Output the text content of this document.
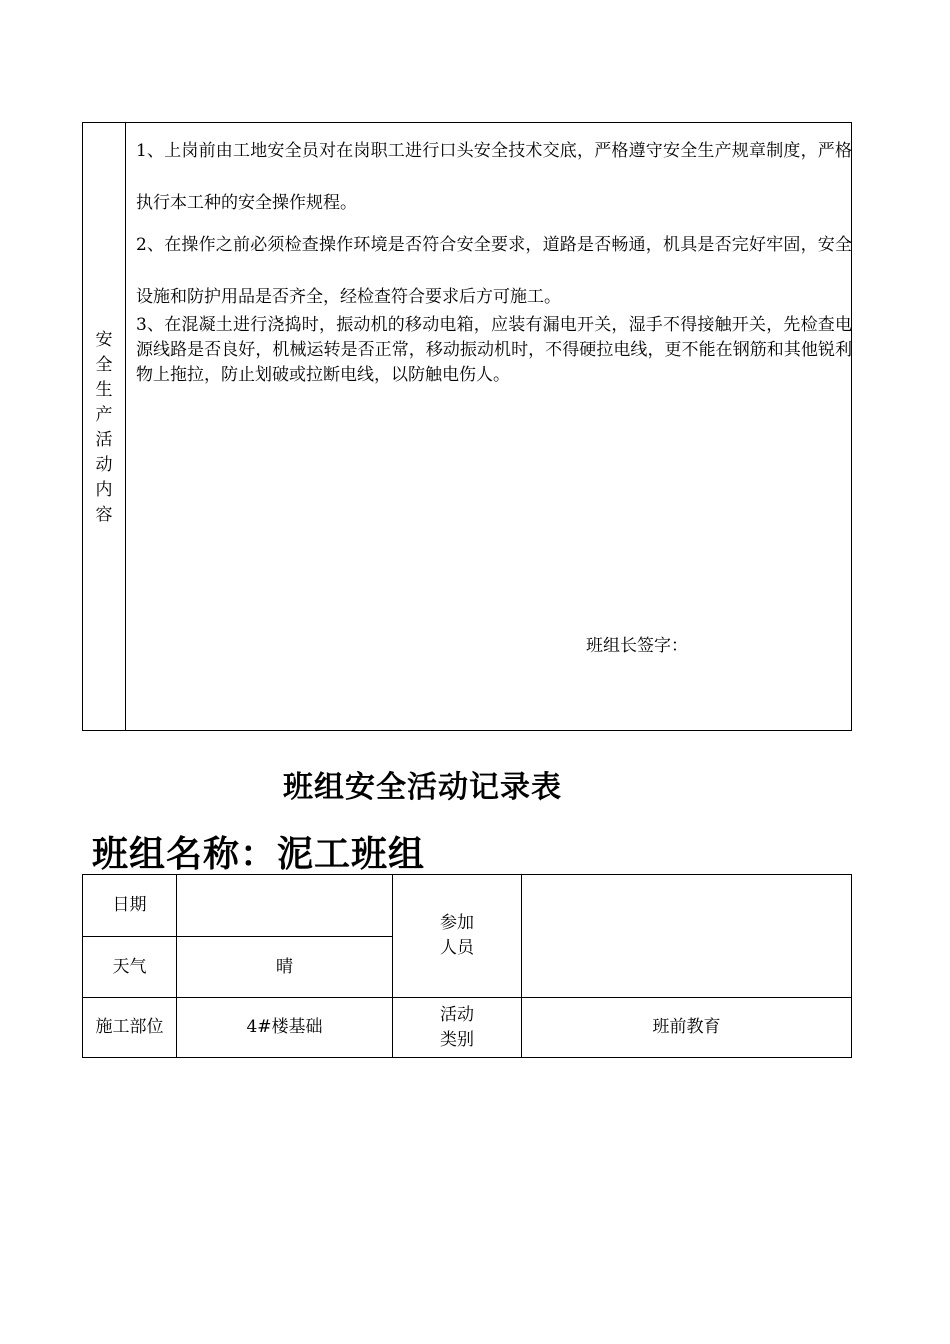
安
全
生
产
活
动
内
容
1、上岗前由工地安全员对在岗职工进行口头安全技术交底，严格遵守安全生产规章制度，严格执行本工种的安全操作规程。
2、在操作之前必须检查操作环境是否符合安全要求，道路是否畅通，机具是否完好牢固，安全设施和防护用品是否齐全，经检查符合要求后方可施工。
3、在混凝土进行浇捣时，振动机的移动电箱，应装有漏电开关，湿手不得接触开关，先检查电源线路是否良好，机械运转是否正常，移动振动机时，不得硬拉电线，更不能在钢筋和其他锐利物上拖拉，防止划破或拉断电线，以防触电伤人。
班组长签字：
班组安全活动记录表
班组名称：泥工班组
日期
参加
人员
天气	晴
施工部位	4#楼基础
活动
类别
班前教育
